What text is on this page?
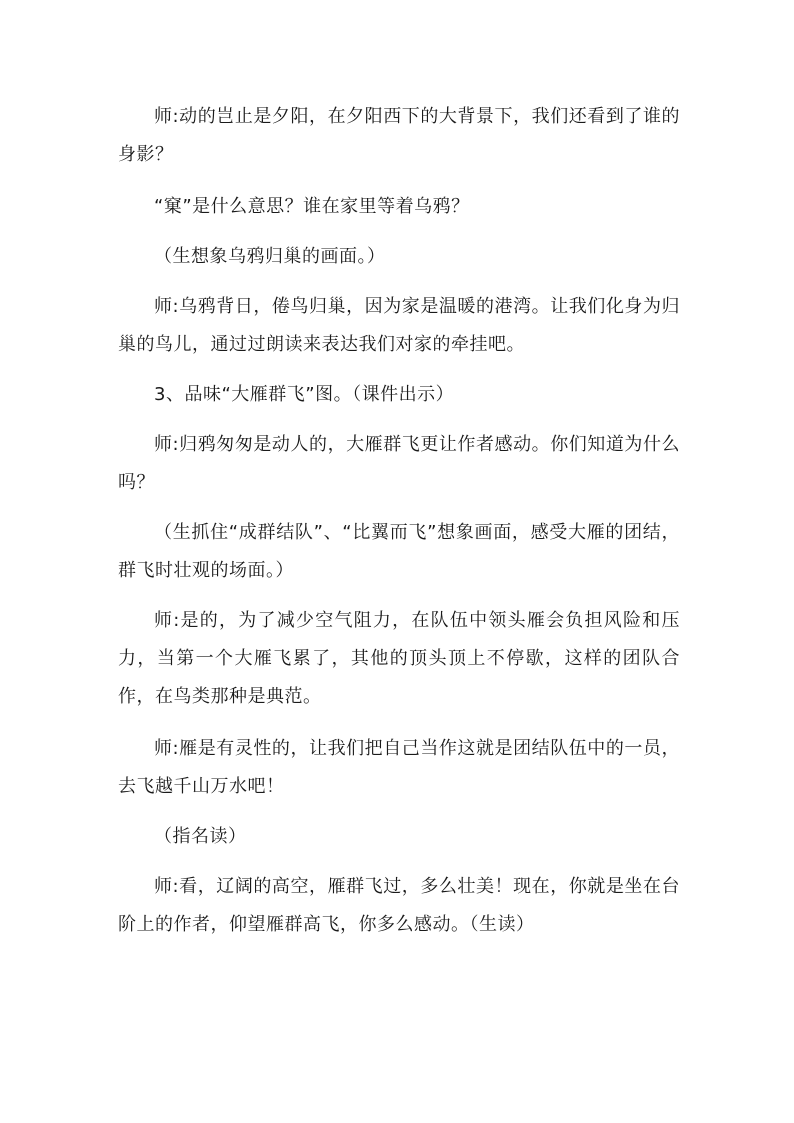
师:动的岂止是夕阳，在夕阳西下的大背景下，我们还看到了谁的身影？

“窠”是什么意思？谁在家里等着乌鸦？

（生想象乌鸦归巢的画面。）

师:乌鸦背日，倦鸟归巢，因为家是温暖的港湾。让我们化身为归巢的鸟儿，通过过朗读来表达我们对家的牵挂吧。

3、品味“大雁群飞”图。（课件出示）

师:归鸦匆匆是动人的，大雁群飞更让作者感动。你们知道为什么吗？

（生抓住“成群结队”、“比翼而飞”想象画面，感受大雁的团结，群飞时壮观的场面。）

师:是的，为了减少空气阻力，在队伍中领头雁会负担风险和压力，当第一个大雁飞累了，其他的顶头顶上不停歇，这样的团队合作，在鸟类那种是典范。

师:雁是有灵性的，让我们把自己当作这就是团结队伍中的一员，去飞越千山万水吧！

（指名读）

师:看，辽阔的高空，雁群飞过，多么壮美！现在，你就是坐在台阶上的作者，仰望雁群高飞，你多么感动。（生读）
